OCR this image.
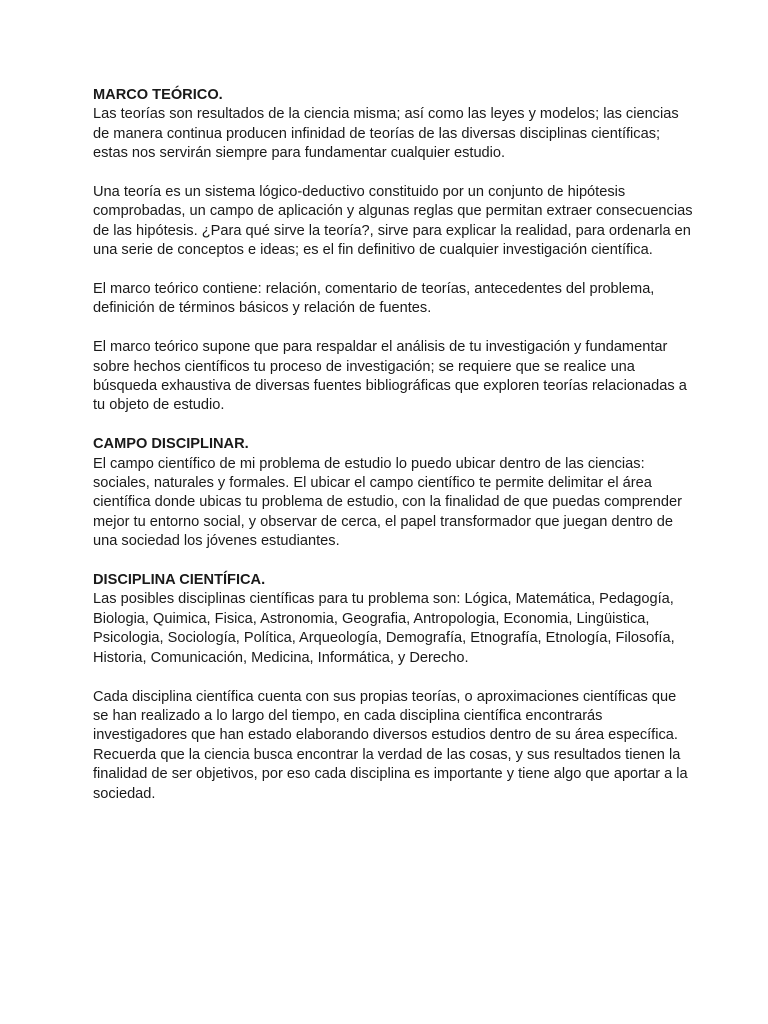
MARCO TEÓRICO.
Las teorías son resultados de la ciencia misma; así como las leyes y modelos; las ciencias de manera continua producen infinidad de teorías de las diversas disciplinas científicas; estas nos servirán siempre para fundamentar cualquier estudio.
Una teoría es un sistema lógico-deductivo constituido por un conjunto de hipótesis comprobadas, un campo de aplicación y algunas reglas que permitan extraer consecuencias de las hipótesis. ¿Para qué sirve la teoría?, sirve para explicar la realidad, para ordenarla en una serie de conceptos e ideas; es el fin definitivo de cualquier investigación científica.
El marco teórico contiene: relación, comentario de teorías, antecedentes del problema, definición de términos básicos y relación de fuentes.
El marco teórico supone que para respaldar el análisis de tu investigación y fundamentar sobre hechos científicos tu proceso de investigación; se requiere que se realice una búsqueda exhaustiva de diversas fuentes bibliográficas que exploren teorías relacionadas a tu objeto de estudio.
CAMPO DISCIPLINAR.
El campo científico de mi problema de estudio lo puedo ubicar dentro de las ciencias: sociales, naturales y formales. El ubicar el campo científico te permite delimitar el área científica donde ubicas tu problema de estudio, con la finalidad de que puedas comprender mejor tu entorno social, y observar de cerca, el papel transformador que juegan dentro de una sociedad los jóvenes estudiantes.
DISCIPLINA CIENTÍFICA.
Las posibles disciplinas científicas para tu problema son: Lógica, Matemática, Pedagogía, Biologia, Quimica, Fisica, Astronomia, Geografia, Antropologia, Economia, Lingüistica, Psicologia, Sociología, Política, Arqueología, Demografía, Etnografía, Etnología, Filosofía, Historia, Comunicación, Medicina, Informática, y Derecho.
Cada disciplina científica cuenta con sus propias teorías, o aproximaciones científicas que se han realizado a lo largo del tiempo, en cada disciplina científica encontrarás investigadores que han estado elaborando diversos estudios dentro de su área específica.
Recuerda que la ciencia busca encontrar la verdad de las cosas, y sus resultados tienen la finalidad de ser objetivos, por eso cada disciplina es importante y tiene algo que aportar a la sociedad.
